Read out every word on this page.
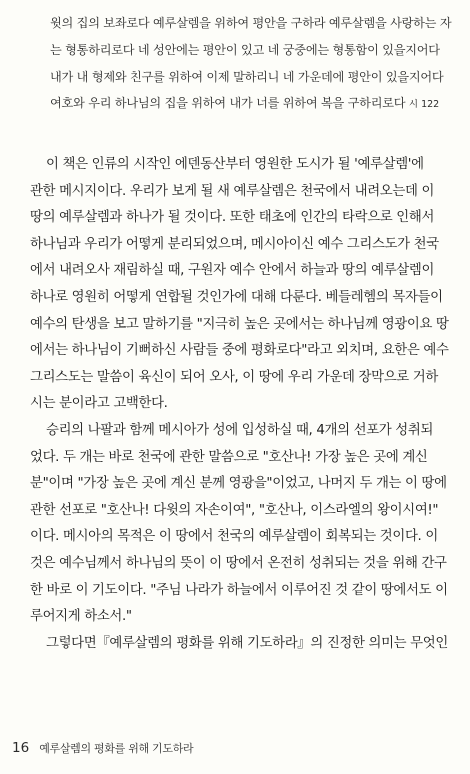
윗의 집의 보좌로다 예루살렘을 위하여 평안을 구하라 예루살렘을 사랑하는 자
는 형통하리로다 네 성안에는 평안이 있고 네 궁중에는 형통함이 있을지어다
내가 내 형제와 친구를 위하여 이제 말하리니 네 가운데에 평안이 있을지어다
여호와 우리 하나님의 집을 위하여 내가 너를 위하여 복을 구하리로다 시 122
이 책은 인류의 시작인 에덴동산부터 영원한 도시가 될 '예루살렘'에
관한 메시지이다. 우리가 보게 될 새 예루살렘은 천국에서 내려오는데 이
땅의 예루살렘과 하나가 될 것이다. 또한 태초에 인간의 타락으로 인해서
하나님과 우리가 어떻게 분리되었으며, 메시아이신 예수 그리스도가 천국
에서 내려오사 재림하실 때, 구원자 예수 안에서 하늘과 땅의 예루살렘이
하나로 영원히 어떻게 연합될 것인가에 대해 다룬다. 베들레헴의 목자들이
예수의 탄생을 보고 말하기를 "지극히 높은 곳에서는 하나님께 영광이요 땅
에서는 하나님이 기뻐하신 사람들 중에 평화로다"라고 외치며, 요한은 예수
그리스도는 말씀이 육신이 되어 오사, 이 땅에 우리 가운데 장막으로 거하
시는 분이라고 고백한다.
승리의 나팔과 함께 메시아가 성에 입성하실 때, 4개의 선포가 성취되
었다. 두 개는 바로 천국에 관한 말씀으로 "호산나! 가장 높은 곳에 계신
분"이며 "가장 높은 곳에 계신 분께 영광을"이었고, 나머지 두 개는 이 땅에
관한 선포로 "호산나! 다윗의 자손이여", "호산나, 이스라엘의 왕이시여!"
이다. 메시아의 목적은 이 땅에서 천국의 예루살렘이 회복되는 것이다. 이
것은 예수님께서 하나님의 뜻이 이 땅에서 온전히 성취되는 것을 위해 간구
한 바로 이 기도이다. "주님 나라가 하늘에서 이루어진 것 같이 땅에서도 이
루어지게 하소서."
그렇다면『예루살렘의 평화를 위해 기도하라』의 진정한 의미는 무엇인
16 예루살렘의 평화를 위해 기도하라
